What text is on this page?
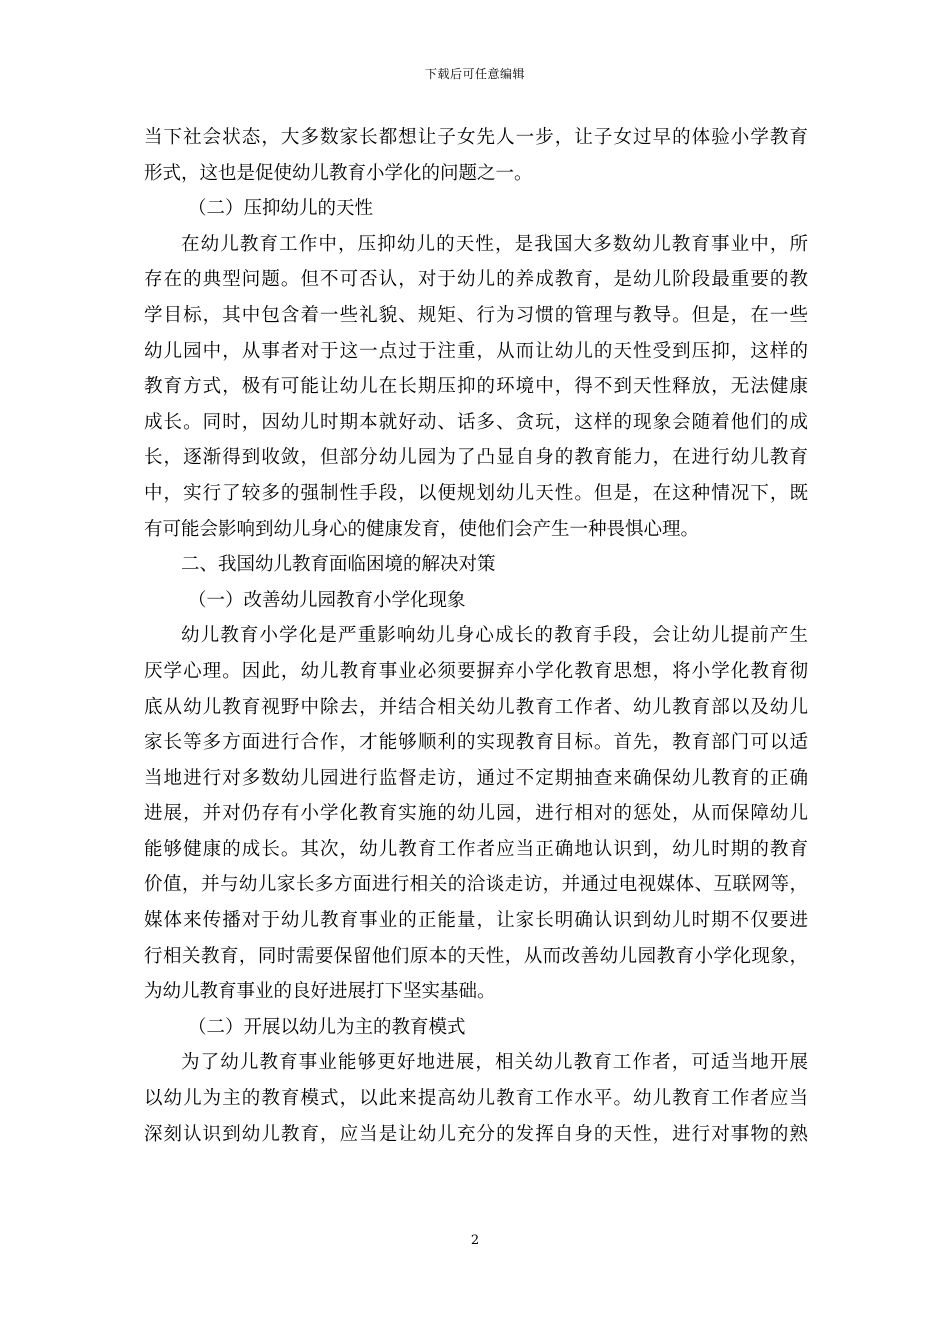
下载后可任意编辑
当下社会状态，大多数家长都想让子女先人一步，让子女过早的体验小学教育
形式，这也是促使幼儿教育小学化的问题之一。
（二）压抑幼儿的天性
在幼儿教育工作中，压抑幼儿的天性，是我国大多数幼儿教育事业中，所
存在的典型问题。但不可否认，对于幼儿的养成教育，是幼儿阶段最重要的教
学目标，其中包含着一些礼貌、规矩、行为习惯的管理与教导。但是，在一些
幼儿园中，从事者对于这一点过于注重，从而让幼儿的天性受到压抑，这样的
教育方式，极有可能让幼儿在长期压抑的环境中，得不到天性释放，无法健康
成长。同时，因幼儿时期本就好动、话多、贪玩，这样的现象会随着他们的成
长，逐渐得到收敛，但部分幼儿园为了凸显自身的教育能力，在进行幼儿教育
中，实行了较多的强制性手段，以便规划幼儿天性。但是，在这种情况下，既
有可能会影响到幼儿身心的健康发育，使他们会产生一种畏惧心理。
二、我国幼儿教育面临困境的解决对策
（一）改善幼儿园教育小学化现象
幼儿教育小学化是严重影响幼儿身心成长的教育手段，会让幼儿提前产生
厌学心理。因此，幼儿教育事业必须要摒弃小学化教育思想，将小学化教育彻
底从幼儿教育视野中除去，并结合相关幼儿教育工作者、幼儿教育部以及幼儿
家长等多方面进行合作，才能够顺利的实现教育目标。首先，教育部门可以适
当地进行对多数幼儿园进行监督走访，通过不定期抽查来确保幼儿教育的正确
进展，并对仍存有小学化教育实施的幼儿园，进行相对的惩处，从而保障幼儿
能够健康的成长。其次，幼儿教育工作者应当正确地认识到，幼儿时期的教育
价值，并与幼儿家长多方面进行相关的洽谈走访，并通过电视媒体、互联网等，
媒体来传播对于幼儿教育事业的正能量，让家长明确认识到幼儿时期不仅要进
行相关教育，同时需要保留他们原本的天性，从而改善幼儿园教育小学化现象，
为幼儿教育事业的良好进展打下坚实基础。
（二）开展以幼儿为主的教育模式
为了幼儿教育事业能够更好地进展，相关幼儿教育工作者，可适当地开展
以幼儿为主的教育模式，以此来提高幼儿教育工作水平。幼儿教育工作者应当
深刻认识到幼儿教育，应当是让幼儿充分的发挥自身的天性，进行对事物的熟
2
